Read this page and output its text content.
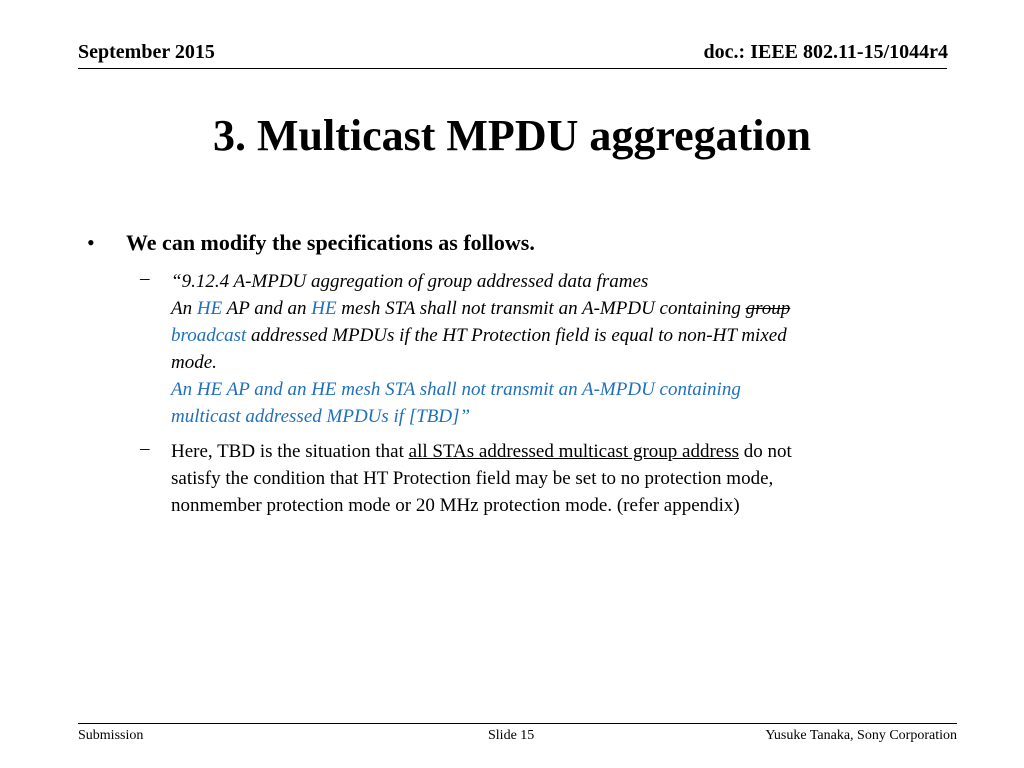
September 2015	doc.: IEEE 802.11-15/1044r4
3. Multicast MPDU aggregation
• We can modify the specifications as follows.
– “9.12.4 A-MPDU aggregation of group addressed data frames
An HE AP and an HE mesh STA shall not transmit an A-MPDU containing group
broadcast addressed MPDUs if the HT Protection field is equal to non-HT mixed
mode.
An HE AP and an HE mesh STA shall not transmit an A-MPDU containing
multicast addressed MPDUs if [TBD]”
– Here, TBD is the situation that all STAs addressed multicast group address do not
satisfy the condition that HT Protection field may be set to no protection mode,
nonmember protection mode or 20 MHz protection mode. (refer appendix)
Submission	Slide 15	Yusuke Tanaka, Sony Corporation
